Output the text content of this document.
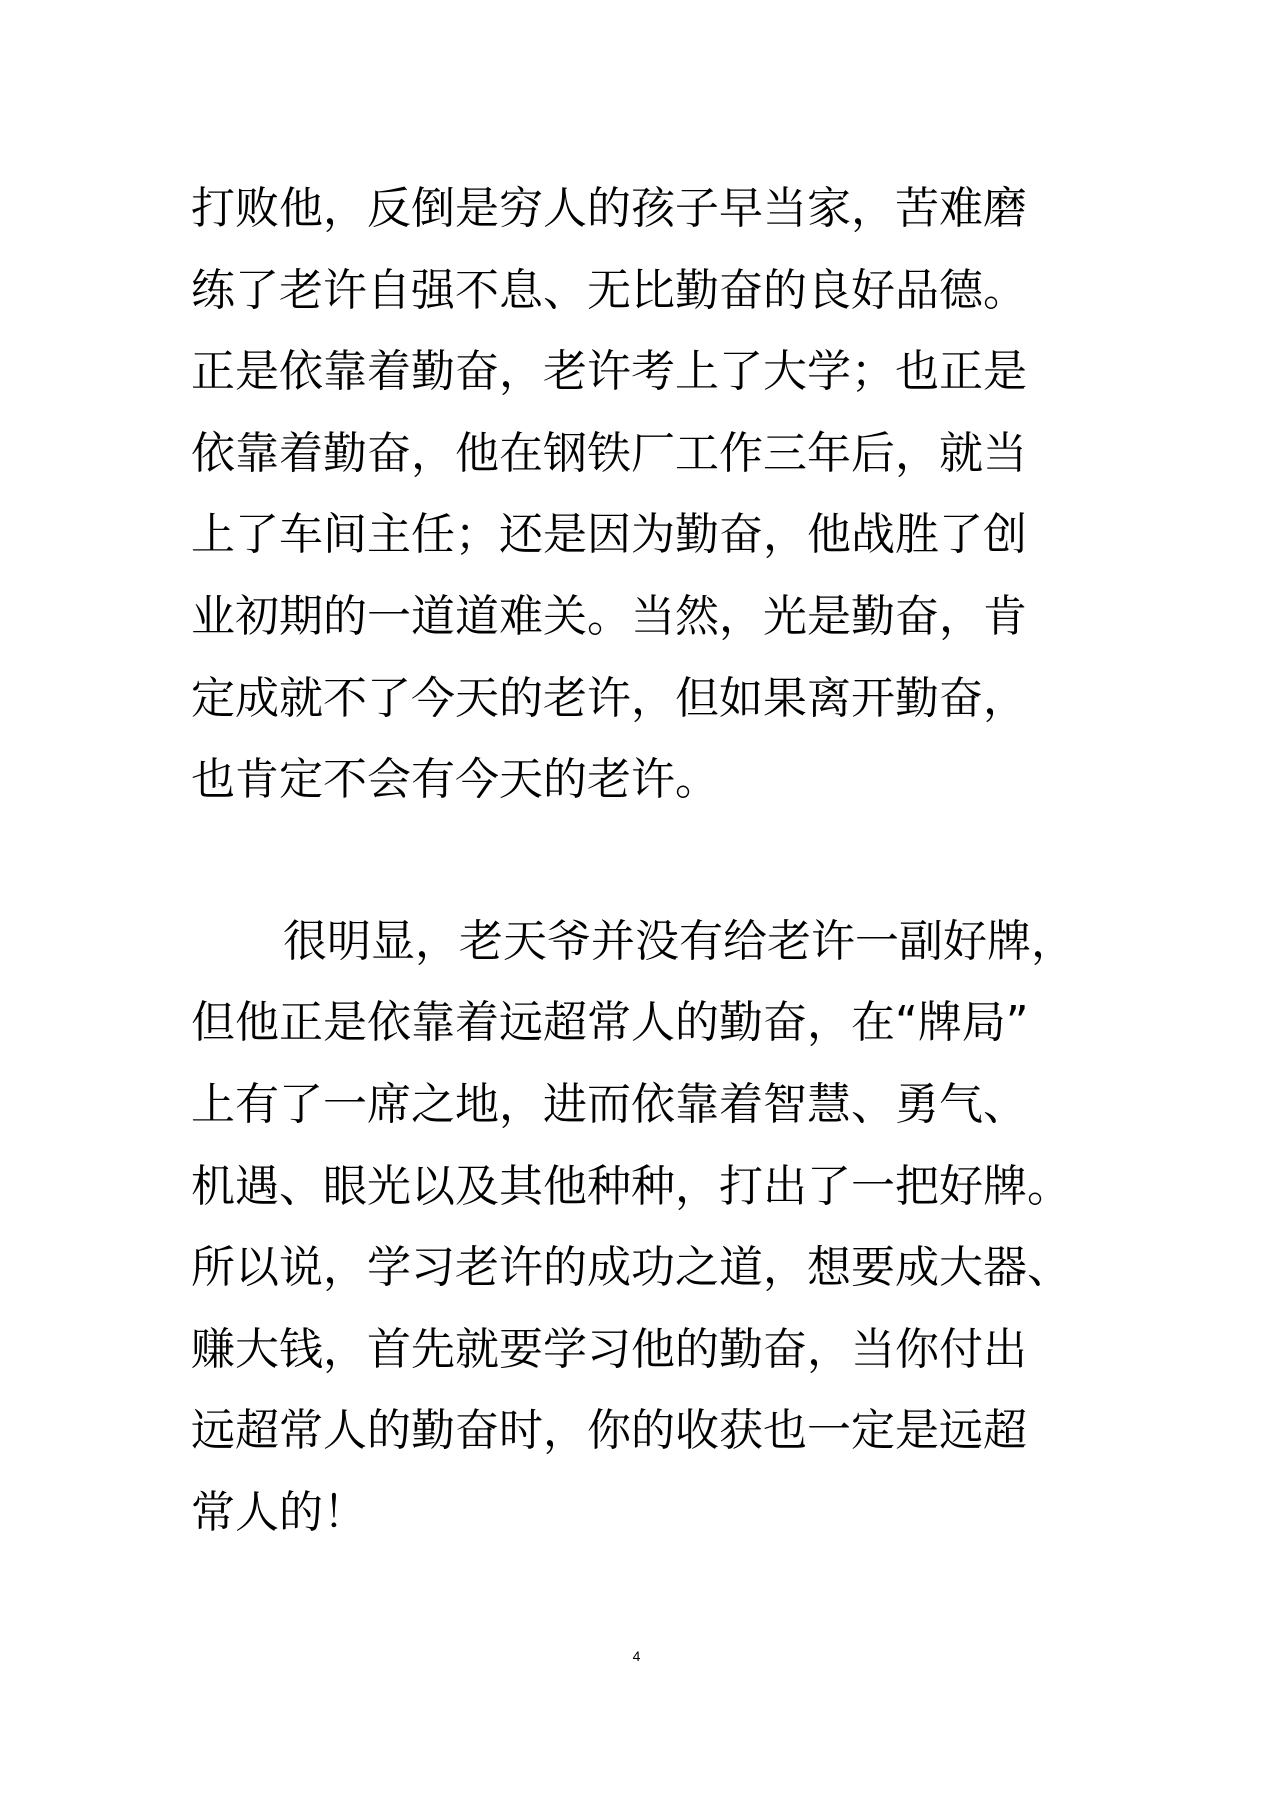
打败他，反倒是穷人的孩子早当家，苦难磨
练了老许自强不息、无比勤奋的良好品德。
正是依靠着勤奋，老许考上了大学；也正是
依靠着勤奋，他在钢铁厂工作三年后，就当
上了车间主任；还是因为勤奋，他战胜了创
业初期的一道道难关。当然，光是勤奋，肯
定成就不了今天的老许，但如果离开勤奋，
也肯定不会有今天的老许。
很明显，老天爷并没有给老许一副好牌，
但他正是依靠着远超常人的勤奋，在“牌局”
上有了一席之地，进而依靠着智慧、勇气、
机遇、眼光以及其他种种，打出了一把好牌。
所以说，学习老许的成功之道，想要成大器、
赚大钱，首先就要学习他的勤奋，当你付出
远超常人的勤奋时，你的收获也一定是远超
常人的！
4
